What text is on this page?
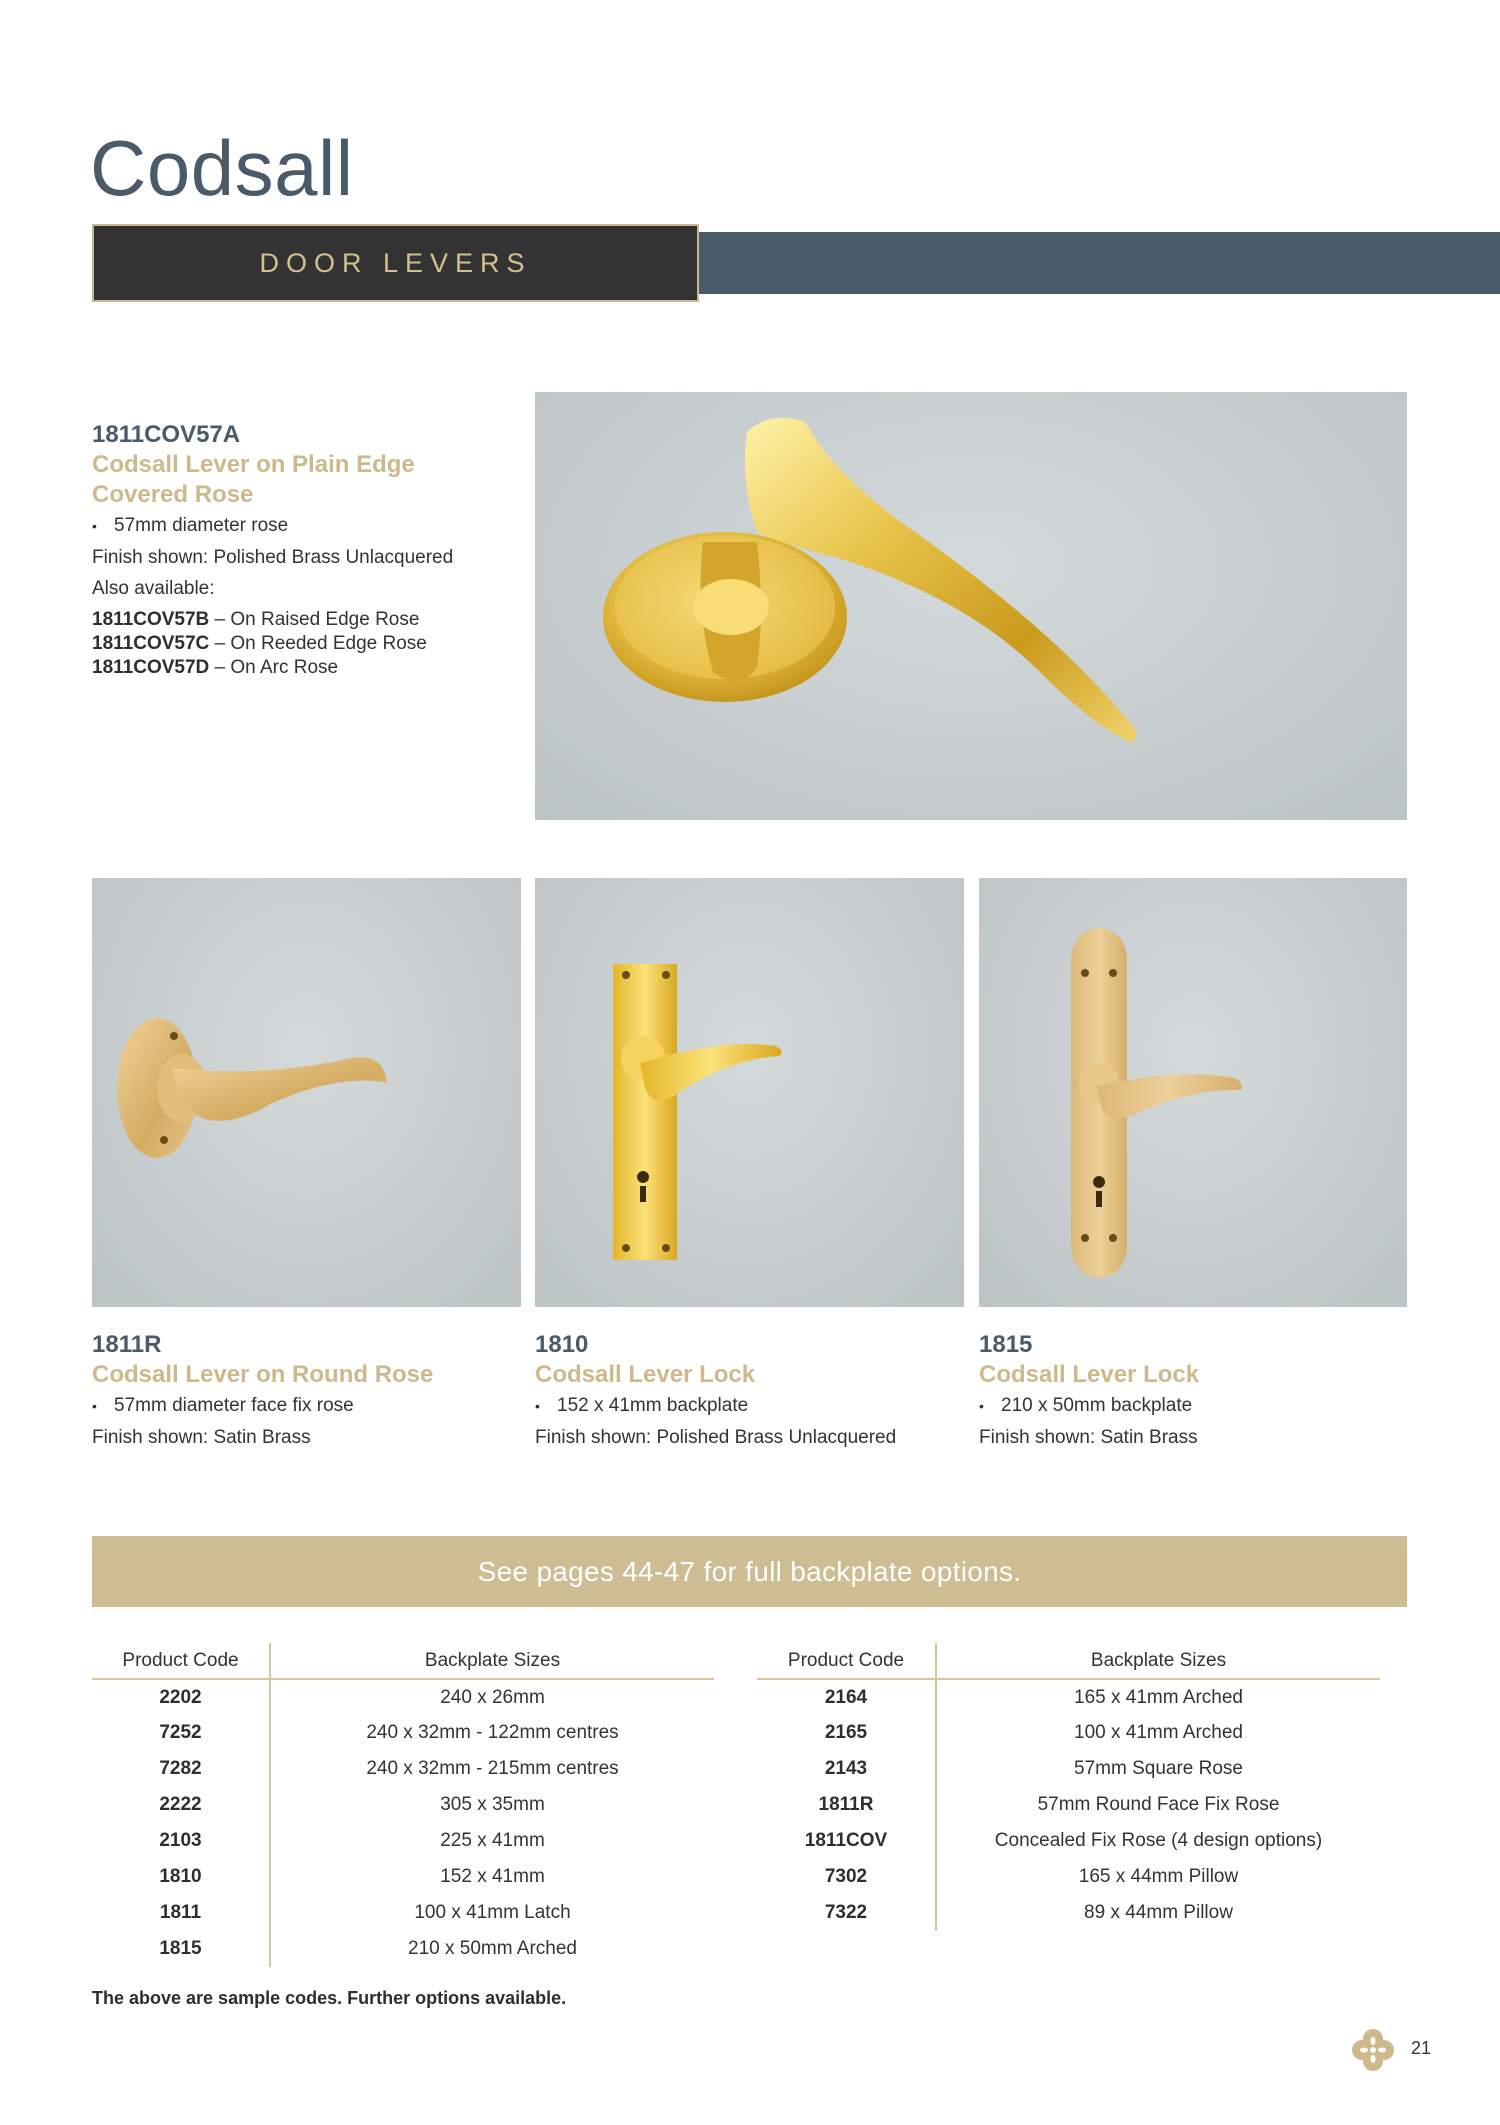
Codsall
DOOR LEVERS
1811COV57A
Codsall Lever on Plain Edge
Covered Rose
• 57mm diameter rose
Finish shown: Polished Brass Unlacquered
Also available:
1811COV57B – On Raised Edge Rose
1811COV57C – On Reeded Edge Rose
1811COV57D – On Arc Rose
1811R
Codsall Lever on Round Rose
• 57mm diameter face fix rose
Finish shown: Satin Brass
1810
Codsall Lever Lock
• 152 x 41mm backplate
Finish shown: Polished Brass Unlacquered
1815
Codsall Lever Lock
• 210 x 50mm backplate
Finish shown: Satin Brass
See pages 44-47 for full backplate options.
Product Code	Backplate Sizes
2202	240 x 26mm
7252	240 x 32mm - 122mm centres
7282	240 x 32mm - 215mm centres
2222	305 x 35mm
2103	225 x 41mm
1810	152 x 41mm
1811	100 x 41mm Latch
1815	210 x 50mm Arched
Product Code	Backplate Sizes
2164	165 x 41mm Arched
2165	100 x 41mm Arched
2143	57mm Square Rose
1811R	57mm Round Face Fix Rose
1811COV	Concealed Fix Rose (4 design options)
7302	165 x 44mm Pillow
7322	89 x 44mm Pillow
The above are sample codes. Further options available.
21
